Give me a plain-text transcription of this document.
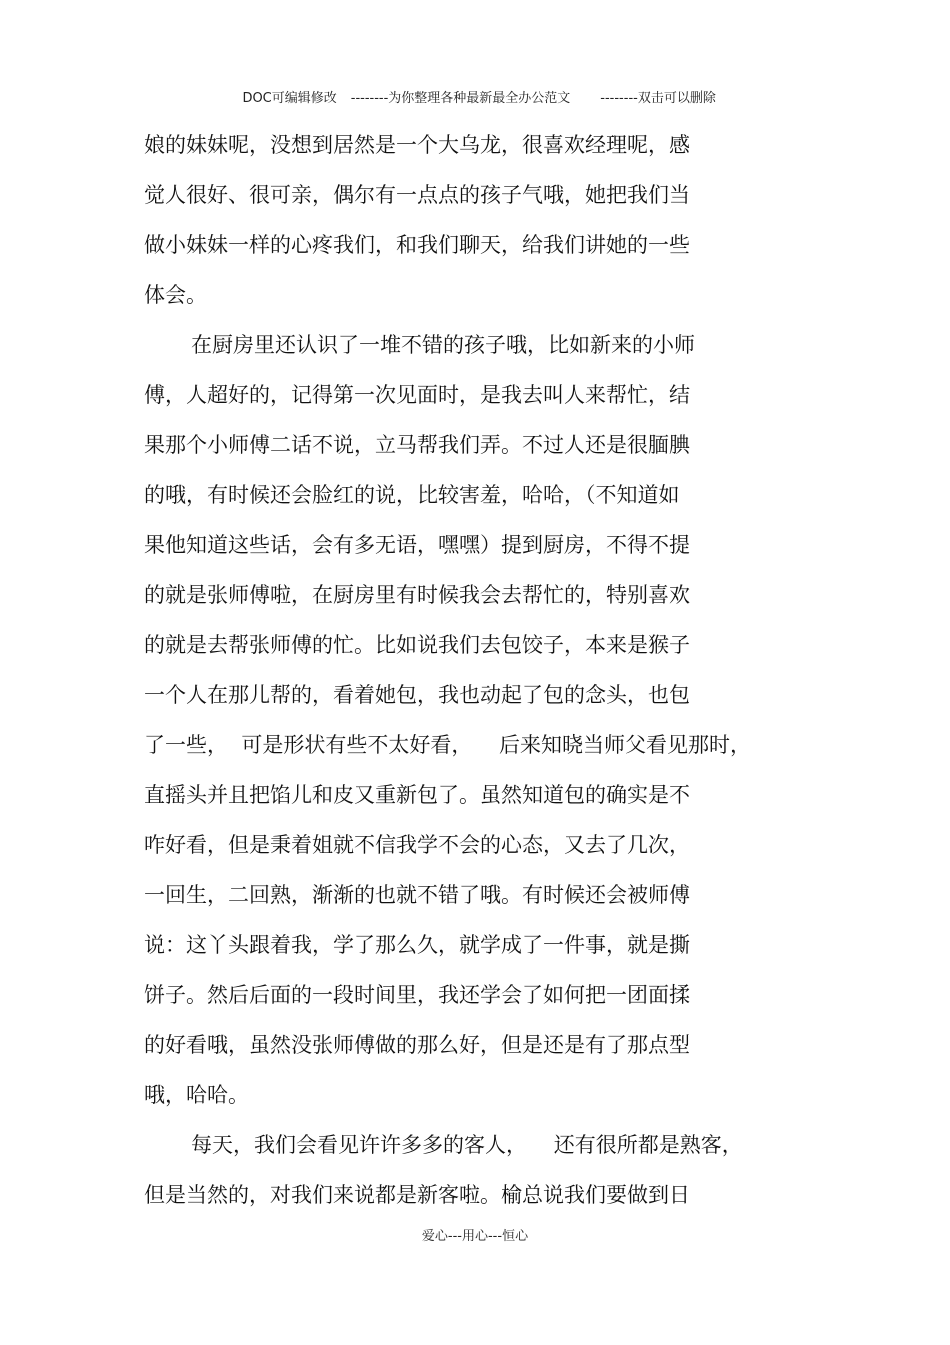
DOC可编辑修改 --------为你整理各种最新最全办公范文 --------双击可以删除

娘的妹妹呢，没想到居然是一个大乌龙，很喜欢经理呢，感
觉人很好、很可亲，偶尔有一点点的孩子气哦，她把我们当
做小妹妹一样的心疼我们，和我们聊天，给我们讲她的一些
体会。
在厨房里还认识了一堆不错的孩子哦，比如新来的小师
傅，人超好的，记得第一次见面时，是我去叫人来帮忙，结
果那个小师傅二话不说，立马帮我们弄。不过人还是很腼腆
的哦，有时候还会脸红的说，比较害羞，哈哈，（不知道如
果他知道这些话，会有多无语，嘿嘿）提到厨房，不得不提
的就是张师傅啦，在厨房里有时候我会去帮忙的，特别喜欢
的就是去帮张师傅的忙。比如说我们去包饺子，本来是猴子
一个人在那儿帮的，看着她包，我也动起了包的念头，也包
了一些，  可是形状有些不太好看，    后来知晓当师父看见那时，
直摇头并且把馅儿和皮又重新包了。虽然知道包的确实是不
咋好看，但是秉着姐就不信我学不会的心态，又去了几次，
一回生，二回熟，渐渐的也就不错了哦。有时候还会被师傅
说：这丫头跟着我，学了那么久，就学成了一件事，就是撕
饼子。然后后面的一段时间里，我还学会了如何把一团面揉
的好看哦，虽然没张师傅做的那么好，但是还是有了那点型
哦，哈哈。
每天，我们会看见许许多多的客人，    还有很所都是熟客，
但是当然的，对我们来说都是新客啦。榆总说我们要做到日
爱心---用心---恒心
